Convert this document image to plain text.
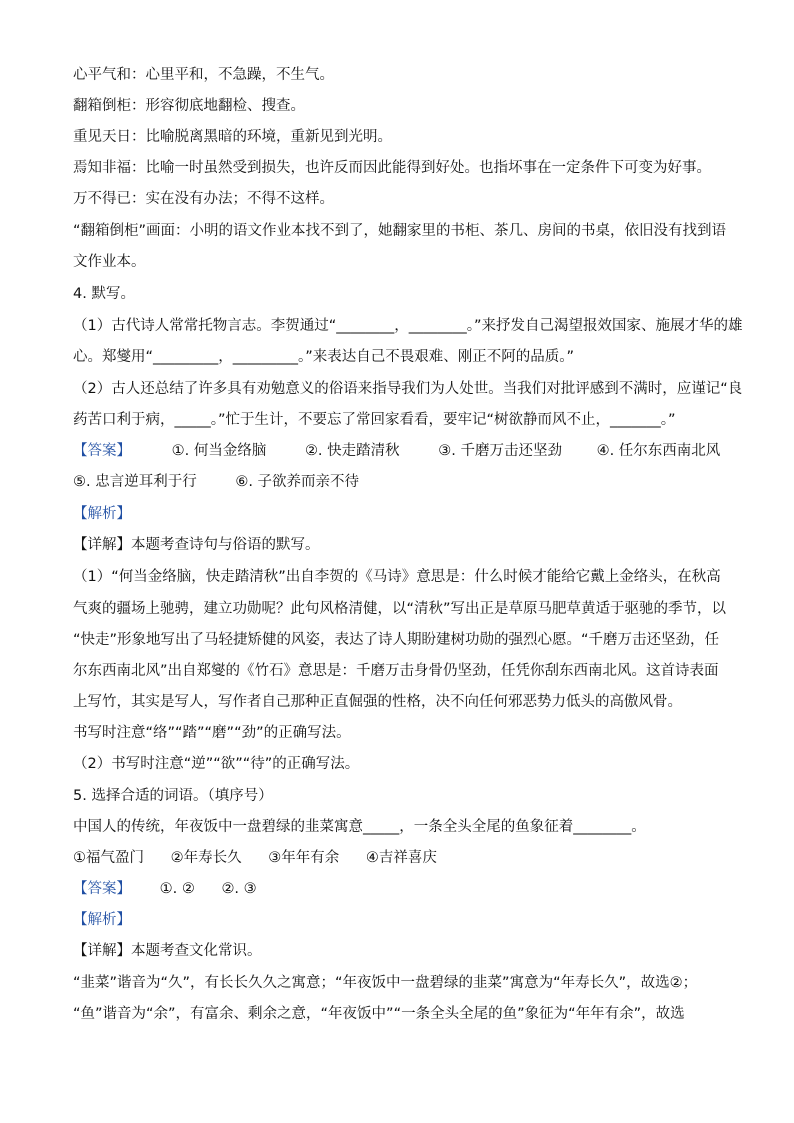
心平气和：心里平和，不急躁，不生气。
翻箱倒柜：形容彻底地翻检、搜查。
重见天日：比喻脱离黑暗的环境，重新见到光明。
焉知非福：比喻一时虽然受到损失，也许反而因此能得到好处。也指坏事在一定条件下可变为好事。
万不得已：实在没有办法；不得不这样。
“翻箱倒柜”画面：小明的语文作业本找不到了，她翻家里的书柜、茶几、房间的书桌，依旧没有找到语
文作业本。
4. 默写。
（1）古代诗人常常托物言志。李贺通过“________，________。”来抒发自己渴望报效国家、施展才华的雄
心。郑燮用“_________，_________。”来表达自己不畏艰难、刚正不阿的品质。”
（2）古人还总结了许多具有劝勉意义的俗语来指导我们为人处世。当我们对批评感到不满时，应谨记“良
药苦口利于病，_____。”忙于生计，不要忘了常回家看看，要牢记“树欲静而风不止，_______。”
【答案】	①. 何当金络脑	②. 快走踏清秋	③. 千磨万击还坚劲 ④. 任尔东西南北风
⑤. 忠言逆耳利于行	⑥. 子欲养而亲不待
【解析】
【详解】本题考查诗句与俗语的默写。
（1）“何当金络脑，快走踏清秋”出自李贺的《马诗》意思是：什么时候才能给它戴上金络头，在秋高
气爽的疆场上驰骋，建立功勋呢？此句风格清健，以“清秋”写出正是草原马肥草黄适于驱驰的季节，以
“快走”形象地写出了马轻捷矫健的风姿，表达了诗人期盼建树功勋的强烈心愿。“千磨万击还坚劲，任
尔东西南北风”出自郑燮的《竹石》意思是：千磨万击身骨仍坚劲，任凭你刮东西南北风。这首诗表面
上写竹，其实是写人，写作者自己那种正直倔强的性格，决不向任何邪恶势力低头的高傲风骨。
书写时注意“络”“踏”“磨”“劲”的正确写法。
（2）书写时注意“逆”“欲”“待”的正确写法。
5. 选择合适的词语。（填序号）
中国人的传统，年夜饭中一盘碧绿的韭菜寓意_____，一条全头全尾的鱼象征着________。
①福气盈门 ②年寿长久 ③年年有余 ④吉祥喜庆
【答案】 ①. ② ②. ③
【解析】
【详解】本题考查文化常识。
“韭菜”谐音为“久”，有长长久久之寓意；“年夜饭中一盘碧绿的韭菜”寓意为“年寿长久”，故选②；
“鱼”谐音为“余”，有富余、剩余之意，“年夜饭中”“一条全头全尾的鱼”象征为“年年有余”，故选
